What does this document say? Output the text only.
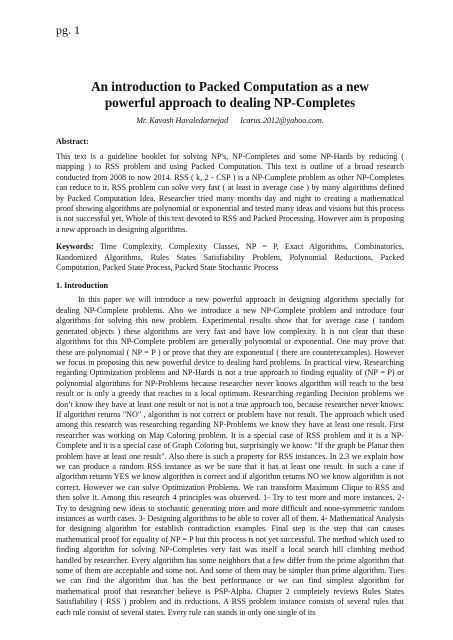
pg. 1
An introduction to Packed Computation as a new
powerful approach to dealing NP-Completes
Mr. Kavosh Havaledarnejad Icarus.2012@yahoo.com.
Abstract:

This text is a guideline booklet for solving NP's, NP-Completes and some NP-Hards by reducing ( mapping ) to RSS problem and using Packed Computation. This text is outline of a broad research conducted from 2008 to now 2014. RSS ( k, 2 - CSP ) is a NP-Complete problem as other NP-Completes can reduce to it. RSS problem can solve very fast ( at least in average case ) by many algorithms defined by Packed Computation Idea. Researcher tried many months day and night to creating a mathematical proof showing algorithms are polynomial or exponential and tested many ideas and visions but this process is not successful yet. Whole of this text devoted to RSS and Packed Processing. However aim is proposing a new approach in designing algorithms.

Keywords: Time Complexity, Complexity Classes, NP = P, Exact Algorithms, Combinatorics, Randomized Algorithms, Rules States Satisfiability Problem, Polynomial Reductions, Packed Computation, Packed State Process, Packed State Stochastic Process

1. Introduction

In this paper we will introduce a new powerful approach in designing algorithms specially for dealing NP-Complete problems. Also we introduce a new NP-Complete problem and introduce four algorithms for solving this new problem. Experimental results show that for average case ( random generated objects ) these algorithms are very fast and have low complexity. It is not clear that these algorithms for this NP-Complete problem are generally polynomial or exponential. One may prove that these are polynomial ( NP = P ) or prove that they are exponential ( there are counterexamples). However we focus in proposing this new powerful device to dealing hard problems. In practical view, Researching regarding Optimization problems and NP-Hards is not a true approach to finding equality of (NP = P) or polynomial algorithms for NP-Problems because researcher never knows algorithm will reach to the best result or is only a greedy that reaches to a local optimum. Researching regarding Decision problems we don’t know they have at least one result or not is not a true approach too, because researcher never knows: If algorithm returns "NO" , algorithm is not correct or problem have not result. The approach which used among this research was researching regarding NP-Problems we know they have at least one result. First researcher was working on Map Coloring problem. It is a special case of RSS problem and it is a NP-Complete and it is a special case of Graph Coloring but, surprisingly we know: "If the graph be Planar then problem have at least one result". Also there is such a property for RSS instances. In 2.3 we explain how we can produce a random RSS instance as we be sure that it has at least one result. In such a case if algorithm returns YES we know algorithm is correct and if algorithm returns NO we know algorithm is not correct. However we can solve Optimization Problems. We can transform Maximum Clique to RSS and then solve it. Among this research 4 principles was observed. 1- Try to test more and more instances. 2- Try to designing new ideas to stochastic generating more and more difficult and none-symmetric random instances as worth cases. 3- Designing algorithms to be able to cover all of them. 4- Mathematical Analysis for designing algorithm for establish contradiction examples. Final step is the step that can causes mathematical proof for equality of NP = P but this process is not yet successful. The method which used to finding algorithm for solving NP-Completes very fast was itself a local search hill climbing method handled by researcher. Every algorithm has some neighbors that a few differ from the prime algorithm that some of them are acceptable and some not. And some of them may be simpler than prime algorithm. Tues we can find the algorithm that has the best performance or we can find simplest algorithm for mathematical proof that researcher believe is PSP-Alpha. Chapter 2 completely reviews Rules States Satisfiability ( RSS ) problem and its reductions. A RSS problem instance consists of several rules that each rule consist of several states. Every rule can stands in only one single of its
